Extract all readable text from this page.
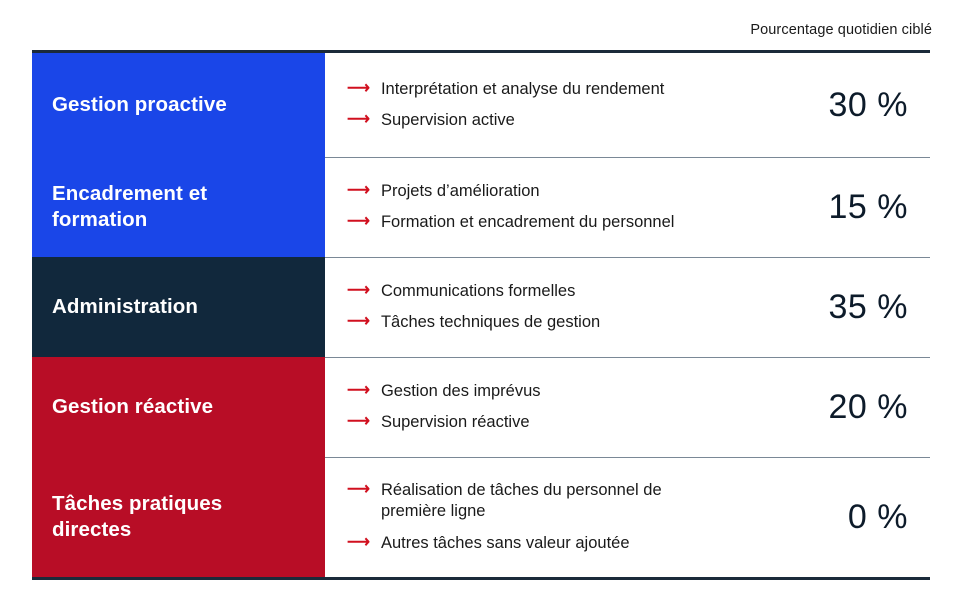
Pourcentage quotidien ciblé
Gestion proactive
⟶ Interprétation et analyse du rendement
⟶ Supervision active	30 %
Encadrement et formation
⟶ Projets d’amélioration
⟶ Formation et encadrement du personnel	15 %
Administration
⟶ Communications formelles
⟶ Tâches techniques de gestion	35 %
Gestion réactive
⟶ Gestion des imprévus
⟶ Supervision réactive	20 %
Tâches pratiques directes
⟶ Réalisation de tâches du personnel de première ligne
⟶ Autres tâches sans valeur ajoutée
0 %
